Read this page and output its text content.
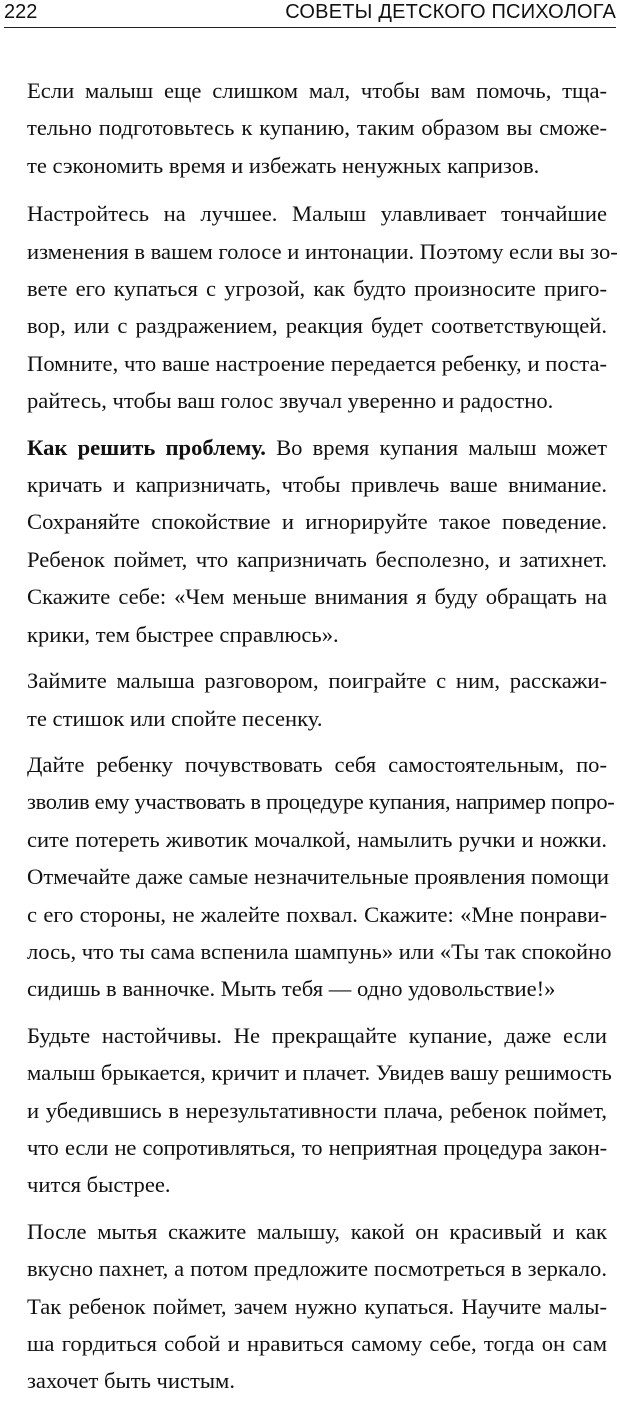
222	СОВЕТЫ ДЕТСКОГО ПСИХОЛОГА
Если малыш еще слишком мал, чтобы вам помочь, тща-
тельно подготовьтесь к купанию, таким образом вы сможе-
те сэкономить время и избежать ненужных капризов.
Настройтесь на лучшее. Малыш улавливает тончайшие
изменения в вашем голосе и интонации. Поэтому если вы зо-
вете его купаться с угрозой, как будто произносите приго-
вор, или с раздражением, реакция будет соответствующей.
Помните, что ваше настроение передается ребенку, и поста-
райтесь, чтобы ваш голос звучал уверенно и радостно.
Как решить проблему. Во время купания малыш может
кричать и капризничать, чтобы привлечь ваше внимание.
Сохраняйте спокойствие и игнорируйте такое поведение.
Ребенок поймет, что капризничать бесполезно, и затихнет.
Скажите себе: «Чем меньше внимания я буду обращать на
крики, тем быстрее справлюсь».
Займите малыша разговором, поиграйте с ним, расскажи-
те стишок или спойте песенку.
Дайте ребенку почувствовать себя самостоятельным, по-
зволив ему участвовать в процедуре купания, например попро-
сите потереть животик мочалкой, намылить ручки и ножки.
Отмечайте даже самые незначительные проявления помощи
с его стороны, не жалейте похвал. Скажите: «Мне понрави-
лось, что ты сама вспенила шампунь» или «Ты так спокойно
сидишь в ванночке. Мыть тебя — одно удовольствие!»
Будьте настойчивы. Не прекращайте купание, даже если
малыш брыкается, кричит и плачет. Увидев вашу решимость
и убедившись в нерезультативности плача, ребенок поймет,
что если не сопротивляться, то неприятная процедура закон-
чится быстрее.
После мытья скажите малышу, какой он красивый и как
вкусно пахнет, а потом предложите посмотреться в зеркало.
Так ребенок поймет, зачем нужно купаться. Научите малы-
ша гордиться собой и нравиться самому себе, тогда он сам
захочет быть чистым.
